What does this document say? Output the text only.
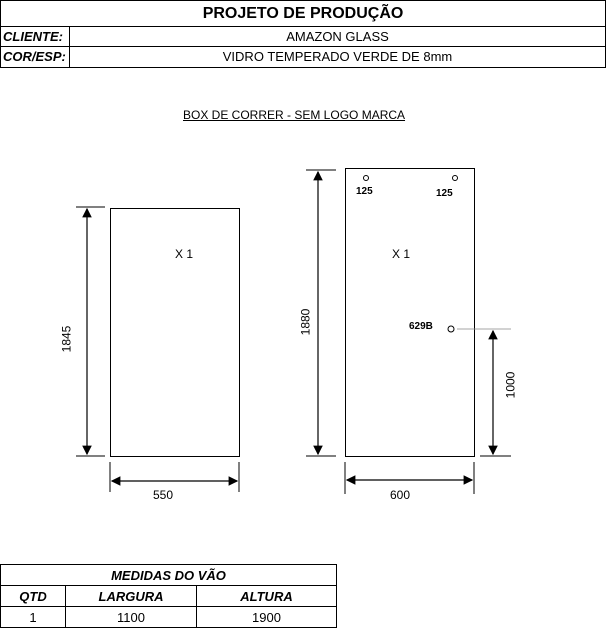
PROJETO DE PRODUÇÃO
CLIENTE:	AMAZON GLASS
COR/ESP:	VIDRO TEMPERADO VERDE DE 8mm
BOX DE CORRER - SEM LOGO MARCA
X 1
1845
550
125	125
X 1
1880	629B
1000
600
MEDIDAS DO VÃO		
QTD	LARGURA	ALTURA
1	1100	1900
